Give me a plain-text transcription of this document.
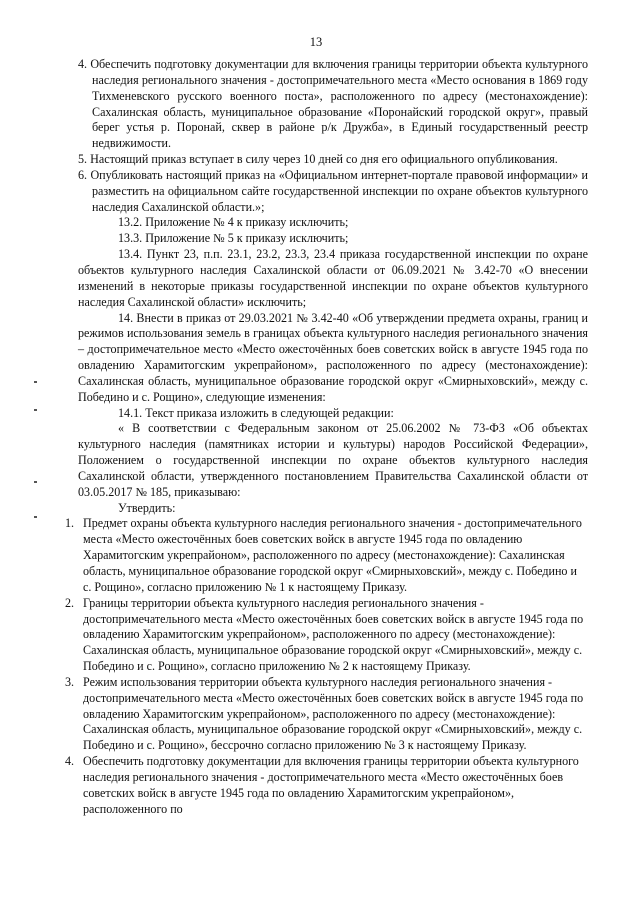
13

4. Обеспечить подготовку документации для включения границы территории объекта культурного наследия регионального значения - достопримечательного места «Место основания в 1869 году Тихменевского русского военного поста», расположенного по адресу (местонахождение): Сахалинская область, муниципальное образование «Поронайский городской округ», правый берег устья р. Поронай, сквер в районе р/к Дружба», в Единый государственный реестр недвижимости.

5. Настоящий приказ вступает в силу через 10 дней со дня его официального опубликования.

6. Опубликовать настоящий приказ на «Официальном интернет-портале правовой информации» и разместить на официальном сайте государственной инспекции по охране объектов культурного наследия Сахалинской области.»;

13.2. Приложение № 4 к приказу исключить;

13.3. Приложение № 5 к приказу исключить;

13.4. Пункт 23, п.п. 23.1, 23.2, 23.3, 23.4 приказа государственной инспекции по охране объектов культурного наследия Сахалинской области от 06.09.2021 № 3.42-70 «О внесении изменений в некоторые приказы государственной инспекции по охране объектов культурного наследия Сахалинской области» исключить;

14. Внести в приказ от 29.03.2021 № 3.42-40 «Об утверждении предмета охраны, границ и режимов использования земель в границах объекта культурного наследия регионального значения – достопримечательное место «Место ожесточённых боев советских войск в августе 1945 года по овладению Харамитогским укрепрайоном», расположенного по адресу (местонахождение): Сахалинская область, муниципальное образование городской округ «Смирныховский», между с. Победино и с. Рощино», следующие изменения:

14.1. Текст приказа изложить в следующей редакции:

« В соответствии с Федеральным законом от 25.06.2002 № 73-ФЗ «Об объектах культурного наследия (памятниках истории и культуры) народов Российской Федерации», Положением о государственной инспекции по охране объектов культурного наследия Сахалинской области, утвержденного постановлением Правительства Сахалинской области от 03.05.2017 № 185, приказываю:

Утвердить:

1. Предмет охраны объекта культурного наследия регионального значения - достопримечательного места «Место ожесточённых боев советских войск в августе 1945 года по овладению Харамитогским укрепрайоном», расположенного по адресу (местонахождение): Сахалинская область, муниципальное образование городской округ «Смирныховский», между с. Победино и с. Рощино», согласно приложению № 1 к настоящему Приказу.

2. Границы территории объекта культурного наследия регионального значения - достопримечательного места «Место ожесточённых боев советских войск в августе 1945 года по овладению Харамитогским укрепрайоном», расположенного по адресу (местонахождение): Сахалинская область, муниципальное образование городской округ «Смирныховский», между с. Победино и с. Рощино», согласно приложению № 2 к настоящему Приказу.

3. Режим использования территории объекта культурного наследия регионального значения - достопримечательного места «Место ожесточённых боев советских войск в августе 1945 года по овладению Харамитогским укрепрайоном», расположенного по адресу (местонахождение): Сахалинская область, муниципальное образование городской округ «Смирныховский», между с. Победино и с. Рощино», бессрочно согласно приложению № 3 к настоящему Приказу.

4. Обеспечить подготовку документации для включения границы территории объекта культурного наследия регионального значения - достопримечательного места «Место ожесточённых боев советских войск в августе 1945 года по овладению Харамитогским укрепрайоном», расположенного по
